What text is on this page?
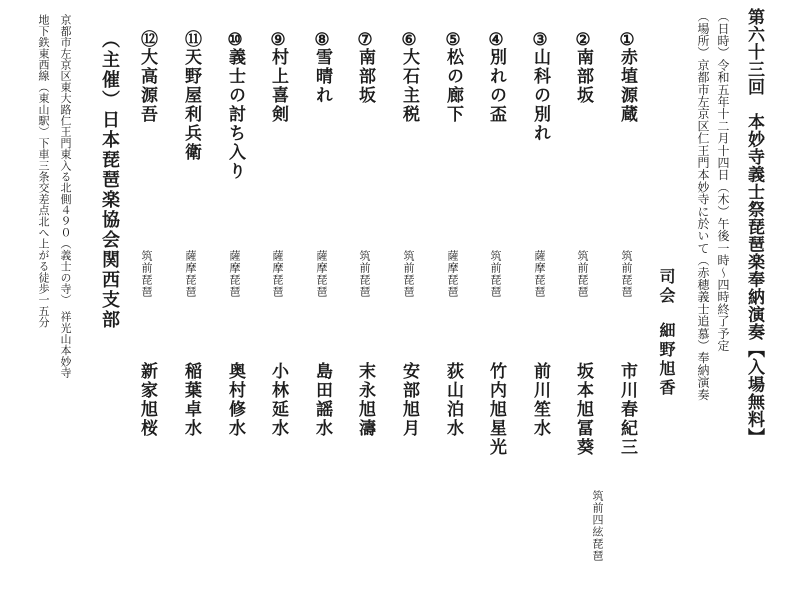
第六十三回　本妙寺義士祭琵琶楽奉納演奏【入場無料】
（日時）令和五年十二月十四日（木）午後一時〜四時終了予定
（場所）京都市左京区仁王門本妙寺に於いて（赤穂義士追慕）奉納演奏
司会
細野旭香
①
赤埴源蔵
筑前琵琶
市川春紀三
筑前四絃琵琶
②
南部坂
筑前琵琶
坂本旭冨葵
③
山科の別れ
薩摩琵琶
前川笙水
④
別れの盃
筑前琵琶
竹内旭星光
⑤
松の廊下
薩摩琵琶
荻山泊水
⑥
大石主税
筑前琵琶
安部旭月
⑦
南部坂
筑前琵琶
末永旭濤
⑧
雪晴れ
薩摩琵琶
島田謡水
⑨
村上喜剣
薩摩琵琶
小林延水
⑩
義士の討ち入り
薩摩琵琶
奥村修水
⑪
天野屋利兵衛
薩摩琵琶
稲葉卓水
⑫
大高源吾
筑前琵琶
新家旭桜
（主催）日本琵琶楽協会関西支部
京都市左京区東大路仁王門東入る北側４９０（義士の寺）　祥光山本妙寺
地下鉄東西線（東山駅）下車三条交差点北へ上がる徒歩一五分
